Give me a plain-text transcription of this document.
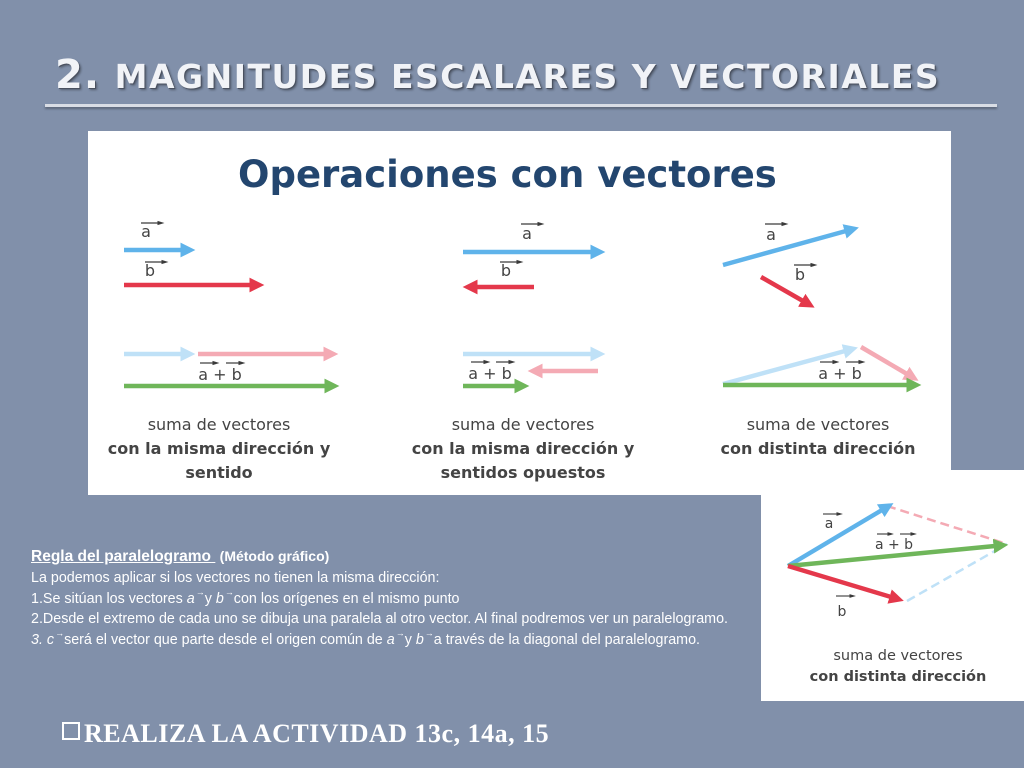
2. MAGNITUDES ESCALARES Y VECTORIALES
Operaciones con vectores
a
b
a + b
suma de vectores
con la misma dirección y
sentido
a
b
a + b
suma de vectores
con la misma dirección y
sentidos opuestos
a
b
a + b
suma de vectores
con distinta dirección
a
a + b
b
suma de vectores
con distinta dirección
Regla del paralelogramo (Método gráfico)
La podemos aplicar si los vectores no tienen la misma dirección:
1.Se sitúan los vectores a → y b → con los orígenes en el mismo punto
2.Desde el extremo de cada uno se dibuja una paralela al otro vector. Al final podremos ver un paralelogramo.
3. c → será el vector que parte desde el origen común de a → y b → a través de la diagonal del paralelogramo.
REALIZA LA ACTIVIDAD 13c, 14a, 15
